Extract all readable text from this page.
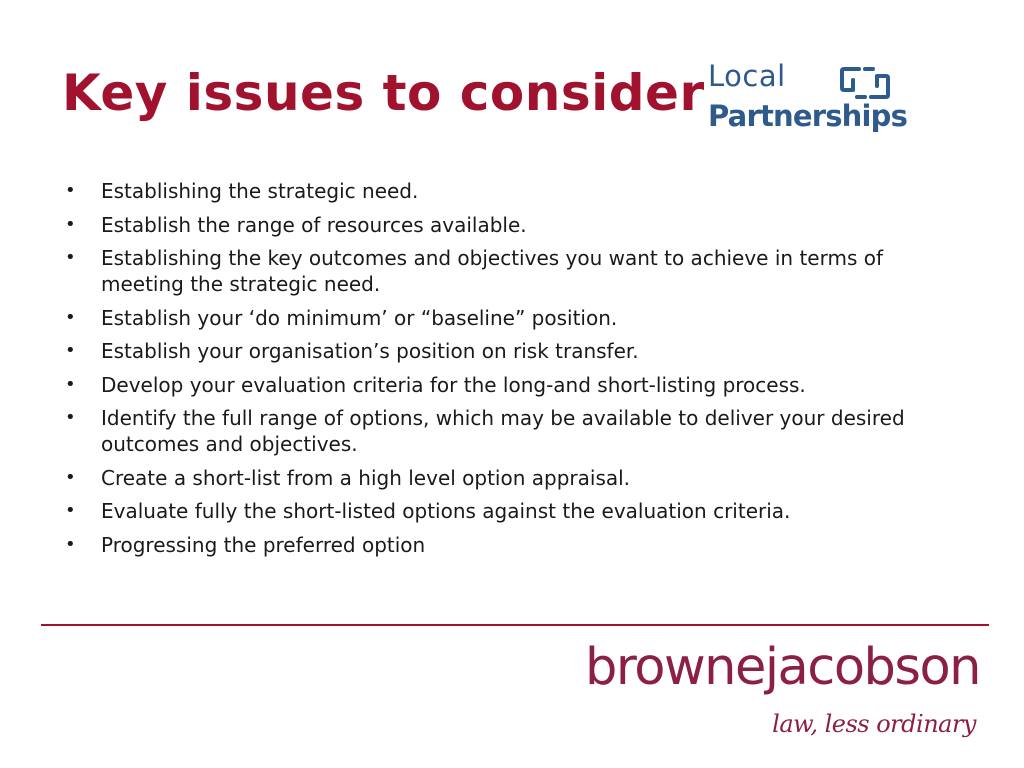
Key issues to consider Local
Partnerships
• Establishing the strategic need.
• Establish the range of resources available.
• Establishing the key outcomes and objectives you want to achieve in terms of meeting the strategic need.
• Establish your ‘do minimum’ or “baseline” position.
• Establish your organisation’s position on risk transfer.
• Develop your evaluation criteria for the long-and short-listing process.
• Identify the full range of options, which may be available to deliver your desired outcomes and objectives.
• Create a short-list from a high level option appraisal.
• Evaluate fully the short-listed options against the evaluation criteria.
• Progressing the preferred option
brownejacobson
law, less ordinary
